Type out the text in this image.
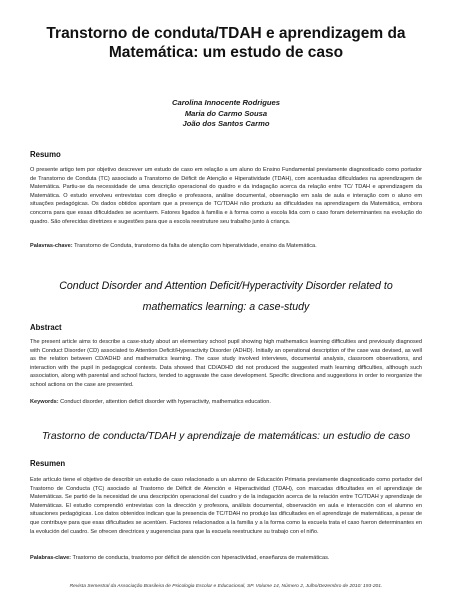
Transtorno de conduta/TDAH e aprendizagem da Matemática: um estudo de caso
Carolina Innocente Rodrigues
Maria do Carmo Sousa
João dos Santos Carmo
Resumo
O presente artigo tem por objetivo descrever um estudo de caso em relação a um aluno do Ensino Fundamental previamente diagnosticado como portador de Transtorno de Conduta (TC) associado a Transtorno de Déficit de Atenção e Hiperatividade (TDAH), com acentuadas dificuldades na aprendizagem de Matemática. Partiu-se da necessidade de uma descrição operacional do quadro e da indagação acerca da relação entre TC/ TDAH e aprendizagem da Matemática. O estudo envolveu entrevistas com direção e professora, análise documental, observação em sala de aula e interação com o aluno em situações pedagógicas. Os dados obtidos apontam que a presença de TC/TDAH não produziu as dificuldades na aprendizagem da Matemática, embora concorra para que essas dificuldades se acentuem. Fatores ligados à família e à forma como a escola lida com o caso foram determinantes na evolução do quadro. São oferecidas diretrizes e sugestões para que a escola reestruture seu trabalho junto à criança.
Palavras-chave: Transtorno de Conduta, transtorno da falta de atenção com hiperatividade, ensino da Matemática.
Conduct Disorder and Attention Deficit/Hyperactivity Disorder related to mathematics learning: a case-study
Abstract
The present article aims to describe a case-study about an elementary school pupil showing high mathematics learning difficulties and previously diagnosed with Conduct Disorder (CD) associated to Attention Deficit/Hyperactivity Disorder (ADHD). Initially an operational description of the case was devised, as well as the relation between CD/ADHD and mathematics learning. The case study involved interviews, documental analysis, classroom observations, and interaction with the pupil in pedagogical contexts. Data showed that CD/ADHD did not produced the suggested math learning difficulties, although such association, along with parental and school factors, tended to aggravate the case development. Specific directions and suggestions in order to reorganize the school actions on the case are presented.
Keywords: Conduct disorder, attention deficit disorder with hyperactivity, mathematics education.
Trastorno de conducta/TDAH y aprendizaje de matemáticas: un estudio de caso
Resumen
Este artículo tiene el objetivo de describir un estudio de caso relacionado a un alumno de Educación Primaria previamente diagnosticado como portador del Trastorno de Conducta (TC) asociado al Trastorno de Déficit de Atención e Hiperactividad (TDAH), con marcadas dificultades en el aprendizaje de Matemáticas. Se partió de la necesidad de una descripción operacional del cuadro y de la indagación acerca de la relación entre TC/TDAH y aprendizaje de Matemáticas. El estudio comprendió entrevistas con la dirección y profesora, análisis documental, observación en aula e interacción con el alumno en situaciones pedagógicas. Los datos obtenidos indican que la presencia de TC/TDAH no produjo las dificultades en el aprendizaje de matemáticas, a pesar de que contribuye para que esas dificultades se acentúen. Factores relacionados a la familia y a la forma como la escuela trata el caso fueron determinantes en la evolución del cuadro. Se ofrecen directrices y sugerencias para que la escuela reestructure su trabajo con el niño.
Palabras-clave: Trastorno de conducta, trastorno por déficit de atención con hiperactividad, enseñanza de matemáticas.
Revista Semestral da Associação Brasileira de Psicologia Escolar e Educacional, SP. Volume 14, Número 2, Julho/Dezembro de 2010: 193-201.
